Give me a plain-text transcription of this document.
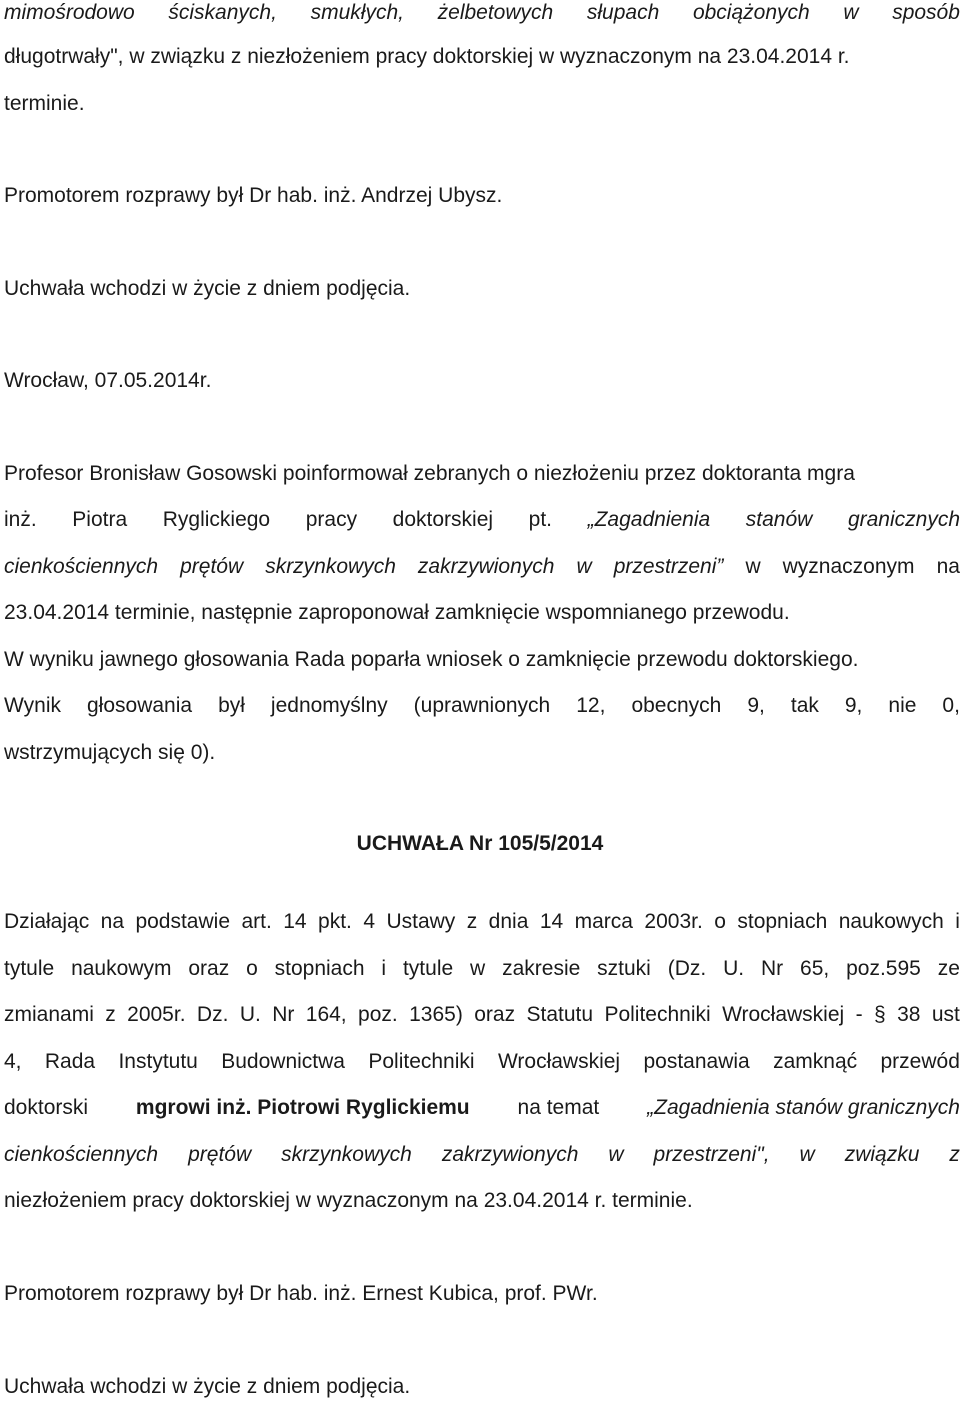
mimośrodowo ściskanych, smukłych, żelbetowych słupach obciążonych w sposób
długotrwały", w związku z niezłożeniem pracy doktorskiej w wyznaczonym na 23.04.2014 r.
terminie.
Promotorem rozprawy był Dr hab. inż. Andrzej Ubysz.
Uchwała wchodzi w życie z dniem podjęcia.
Wrocław, 07.05.2014r.
Profesor Bronisław Gosowski poinformował zebranych o niezłożeniu przez doktoranta mgra
inż. Piotra Ryglickiego pracy doktorskiej pt. „Zagadnienia stanów granicznych
cienkościennych prętów skrzynkowych zakrzywionych w przestrzeni” w wyznaczonym na
23.04.2014 terminie, następnie zaproponował zamknięcie wspomnianego przewodu.
W wyniku jawnego głosowania Rada poparła wniosek o zamknięcie przewodu doktorskiego.
Wynik głosowania był jednomyślny (uprawnionych 12, obecnych 9, tak 9, nie 0,
wstrzymujących się 0).
UCHWAŁA Nr 105/5/2014
Działając na podstawie art. 14 pkt. 4 Ustawy z dnia 14 marca 2003r. o stopniach naukowych i
tytule naukowym oraz o stopniach i tytule w zakresie sztuki (Dz. U. Nr 65, poz.595 ze
zmianami z 2005r. Dz. U. Nr 164, poz. 1365) oraz Statutu Politechniki Wrocławskiej - § 38 ust
4, Rada Instytutu Budownictwa Politechniki Wrocławskiej postanawia zamknąć przewód
doktorski mgrowi inż. Piotrowi Ryglickiemu na temat „Zagadnienia stanów granicznych
cienkościennych prętów skrzynkowych zakrzywionych w przestrzeni", w związku z
niezłożeniem pracy doktorskiej w wyznaczonym na 23.04.2014 r. terminie.
Promotorem rozprawy był Dr hab. inż. Ernest Kubica, prof. PWr.
Uchwała wchodzi w życie z dniem podjęcia.
